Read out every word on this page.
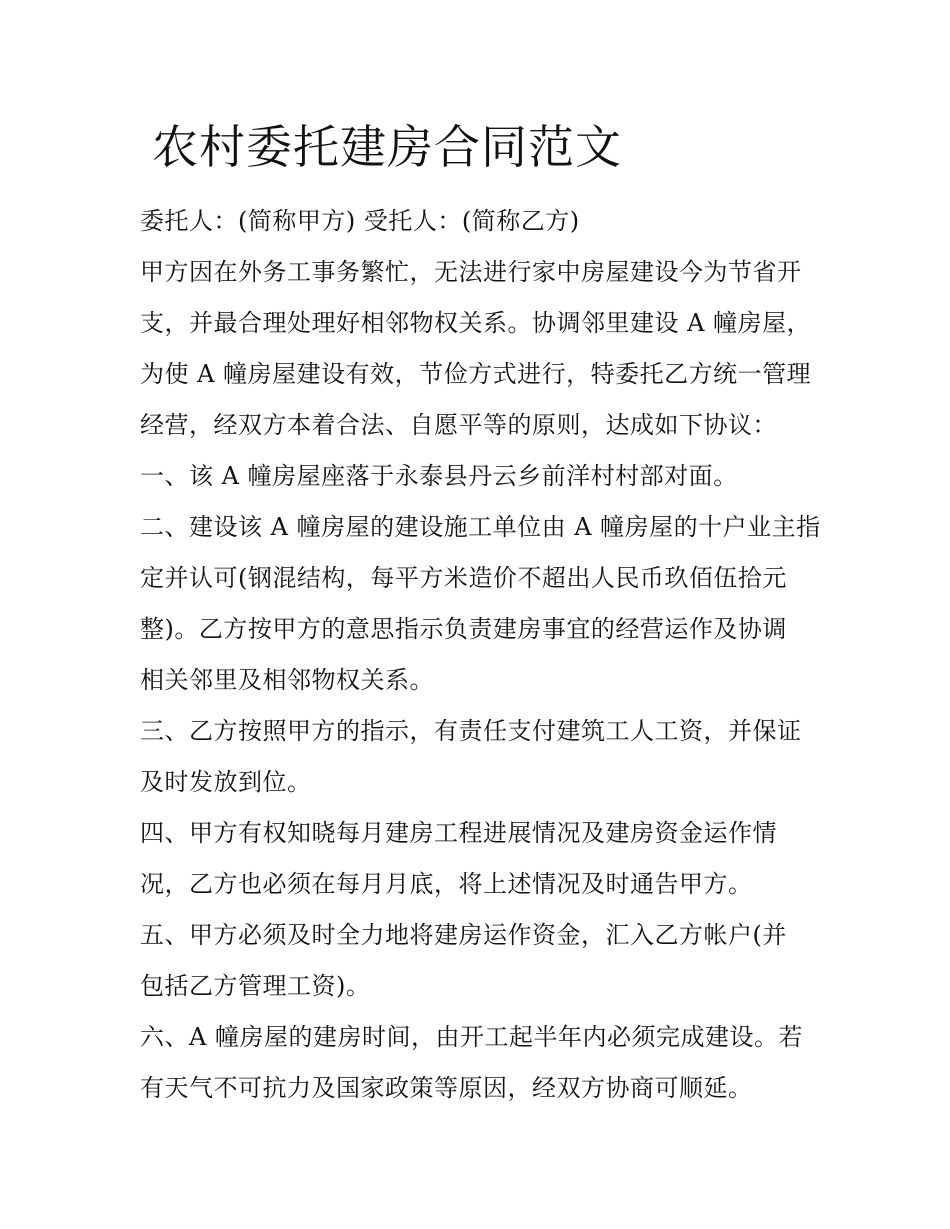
农村委托建房合同范文
委托人：(简称甲方) 受托人：(简称乙方)
甲方因在外务工事务繁忙，无法进行家中房屋建设今为节省开
支，并最合理处理好相邻物权关系。协调邻里建设 A 幢房屋，
为使 A 幢房屋建设有效，节俭方式进行，特委托乙方统一管理
经营，经双方本着合法、自愿平等的原则，达成如下协议：
一、该 A 幢房屋座落于永泰县丹云乡前洋村村部对面。
二、建设该 A 幢房屋的建设施工单位由 A 幢房屋的十户业主指
定并认可(钢混结构，每平方米造价不超出人民币玖佰伍拾元
整)。乙方按甲方的意思指示负责建房事宜的经营运作及协调
相关邻里及相邻物权关系。
三、乙方按照甲方的指示，有责任支付建筑工人工资，并保证
及时发放到位。
四、甲方有权知晓每月建房工程进展情况及建房资金运作情
况，乙方也必须在每月月底，将上述情况及时通告甲方。
五、甲方必须及时全力地将建房运作资金，汇入乙方帐户(并
包括乙方管理工资)。
六、A 幢房屋的建房时间，由开工起半年内必须完成建设。若
有天气不可抗力及国家政策等原因，经双方协商可顺延。
